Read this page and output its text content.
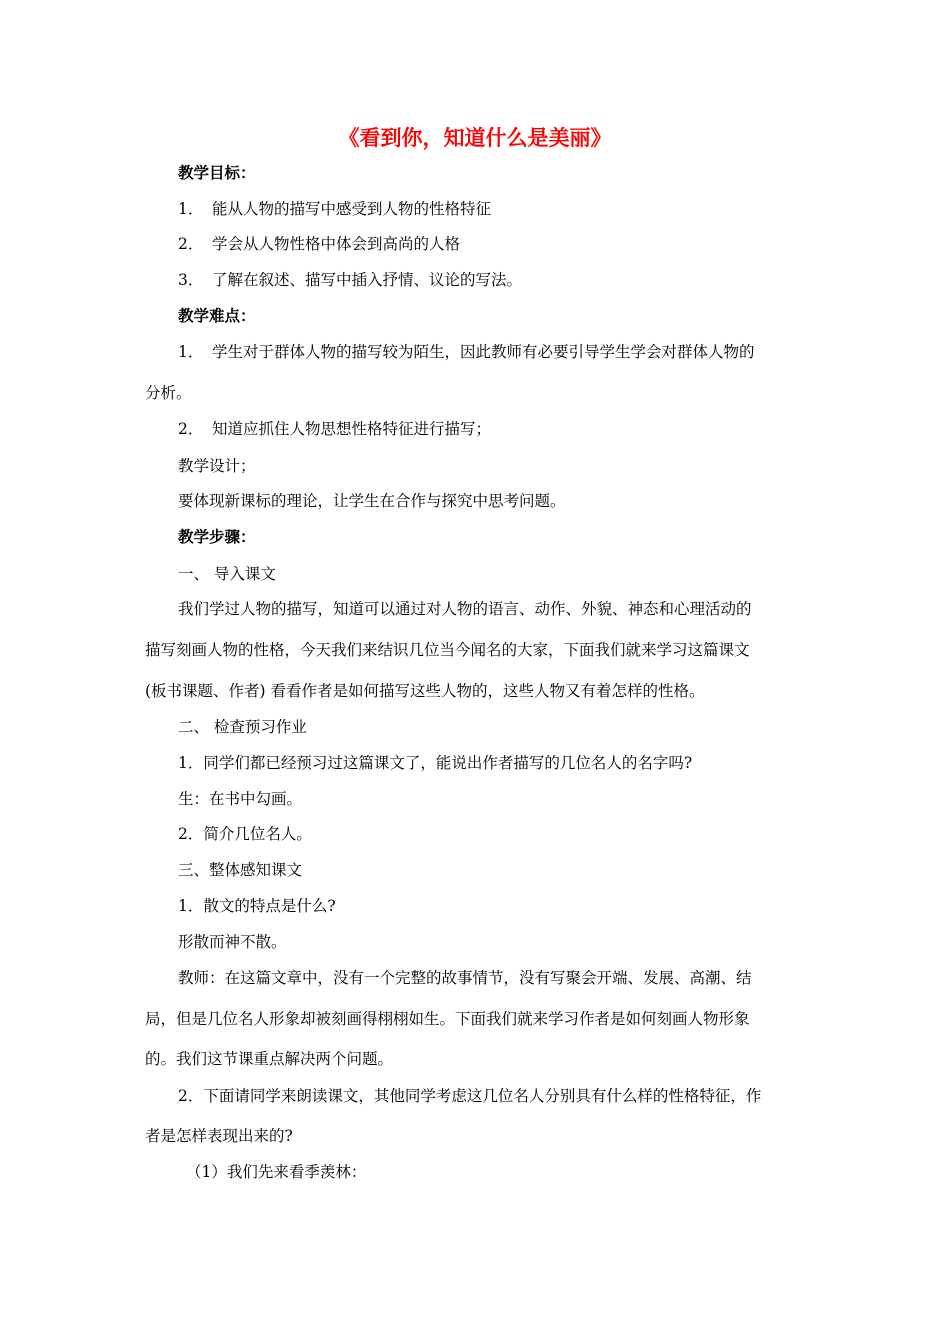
《看到你，知道什么是美丽》
教学目标：
1． 能从人物的描写中感受到人物的性格特征
2． 学会从人物性格中体会到高尚的人格
3． 了解在叙述、描写中插入抒情、议论的写法。
教学难点：
1． 学生对于群体人物的描写较为陌生，因此教师有必要引导学生学会对群体人物的
分析。
2． 知道应抓住人物思想性格特征进行描写；
教学设计；
要体现新课标的理论，让学生在合作与探究中思考问题。
教学步骤：
一、 导入课文
我们学过人物的描写，知道可以通过对人物的语言、动作、外貌、神态和心理活动的
描写刻画人物的性格，今天我们来结识几位当今闻名的大家，下面我们就来学习这篇课文
(板书课题、作者) 看看作者是如何描写这些人物的，这些人物又有着怎样的性格。
二、 检查预习作业
1．同学们都已经预习过这篇课文了，能说出作者描写的几位名人的名字吗?
生：在书中勾画。
2．简介几位名人。
三、整体感知课文
1．散文的特点是什么?
形散而神不散。
教师：在这篇文章中，没有一个完整的故事情节，没有写聚会开端、发展、高潮、结
局，但是几位名人形象却被刻画得栩栩如生。下面我们就来学习作者是如何刻画人物形象
的。我们这节课重点解决两个问题。
2．下面请同学来朗读课文，其他同学考虑这几位名人分别具有什么样的性格特征，作
者是怎样表现出来的?
（1）我们先来看季羡林：
